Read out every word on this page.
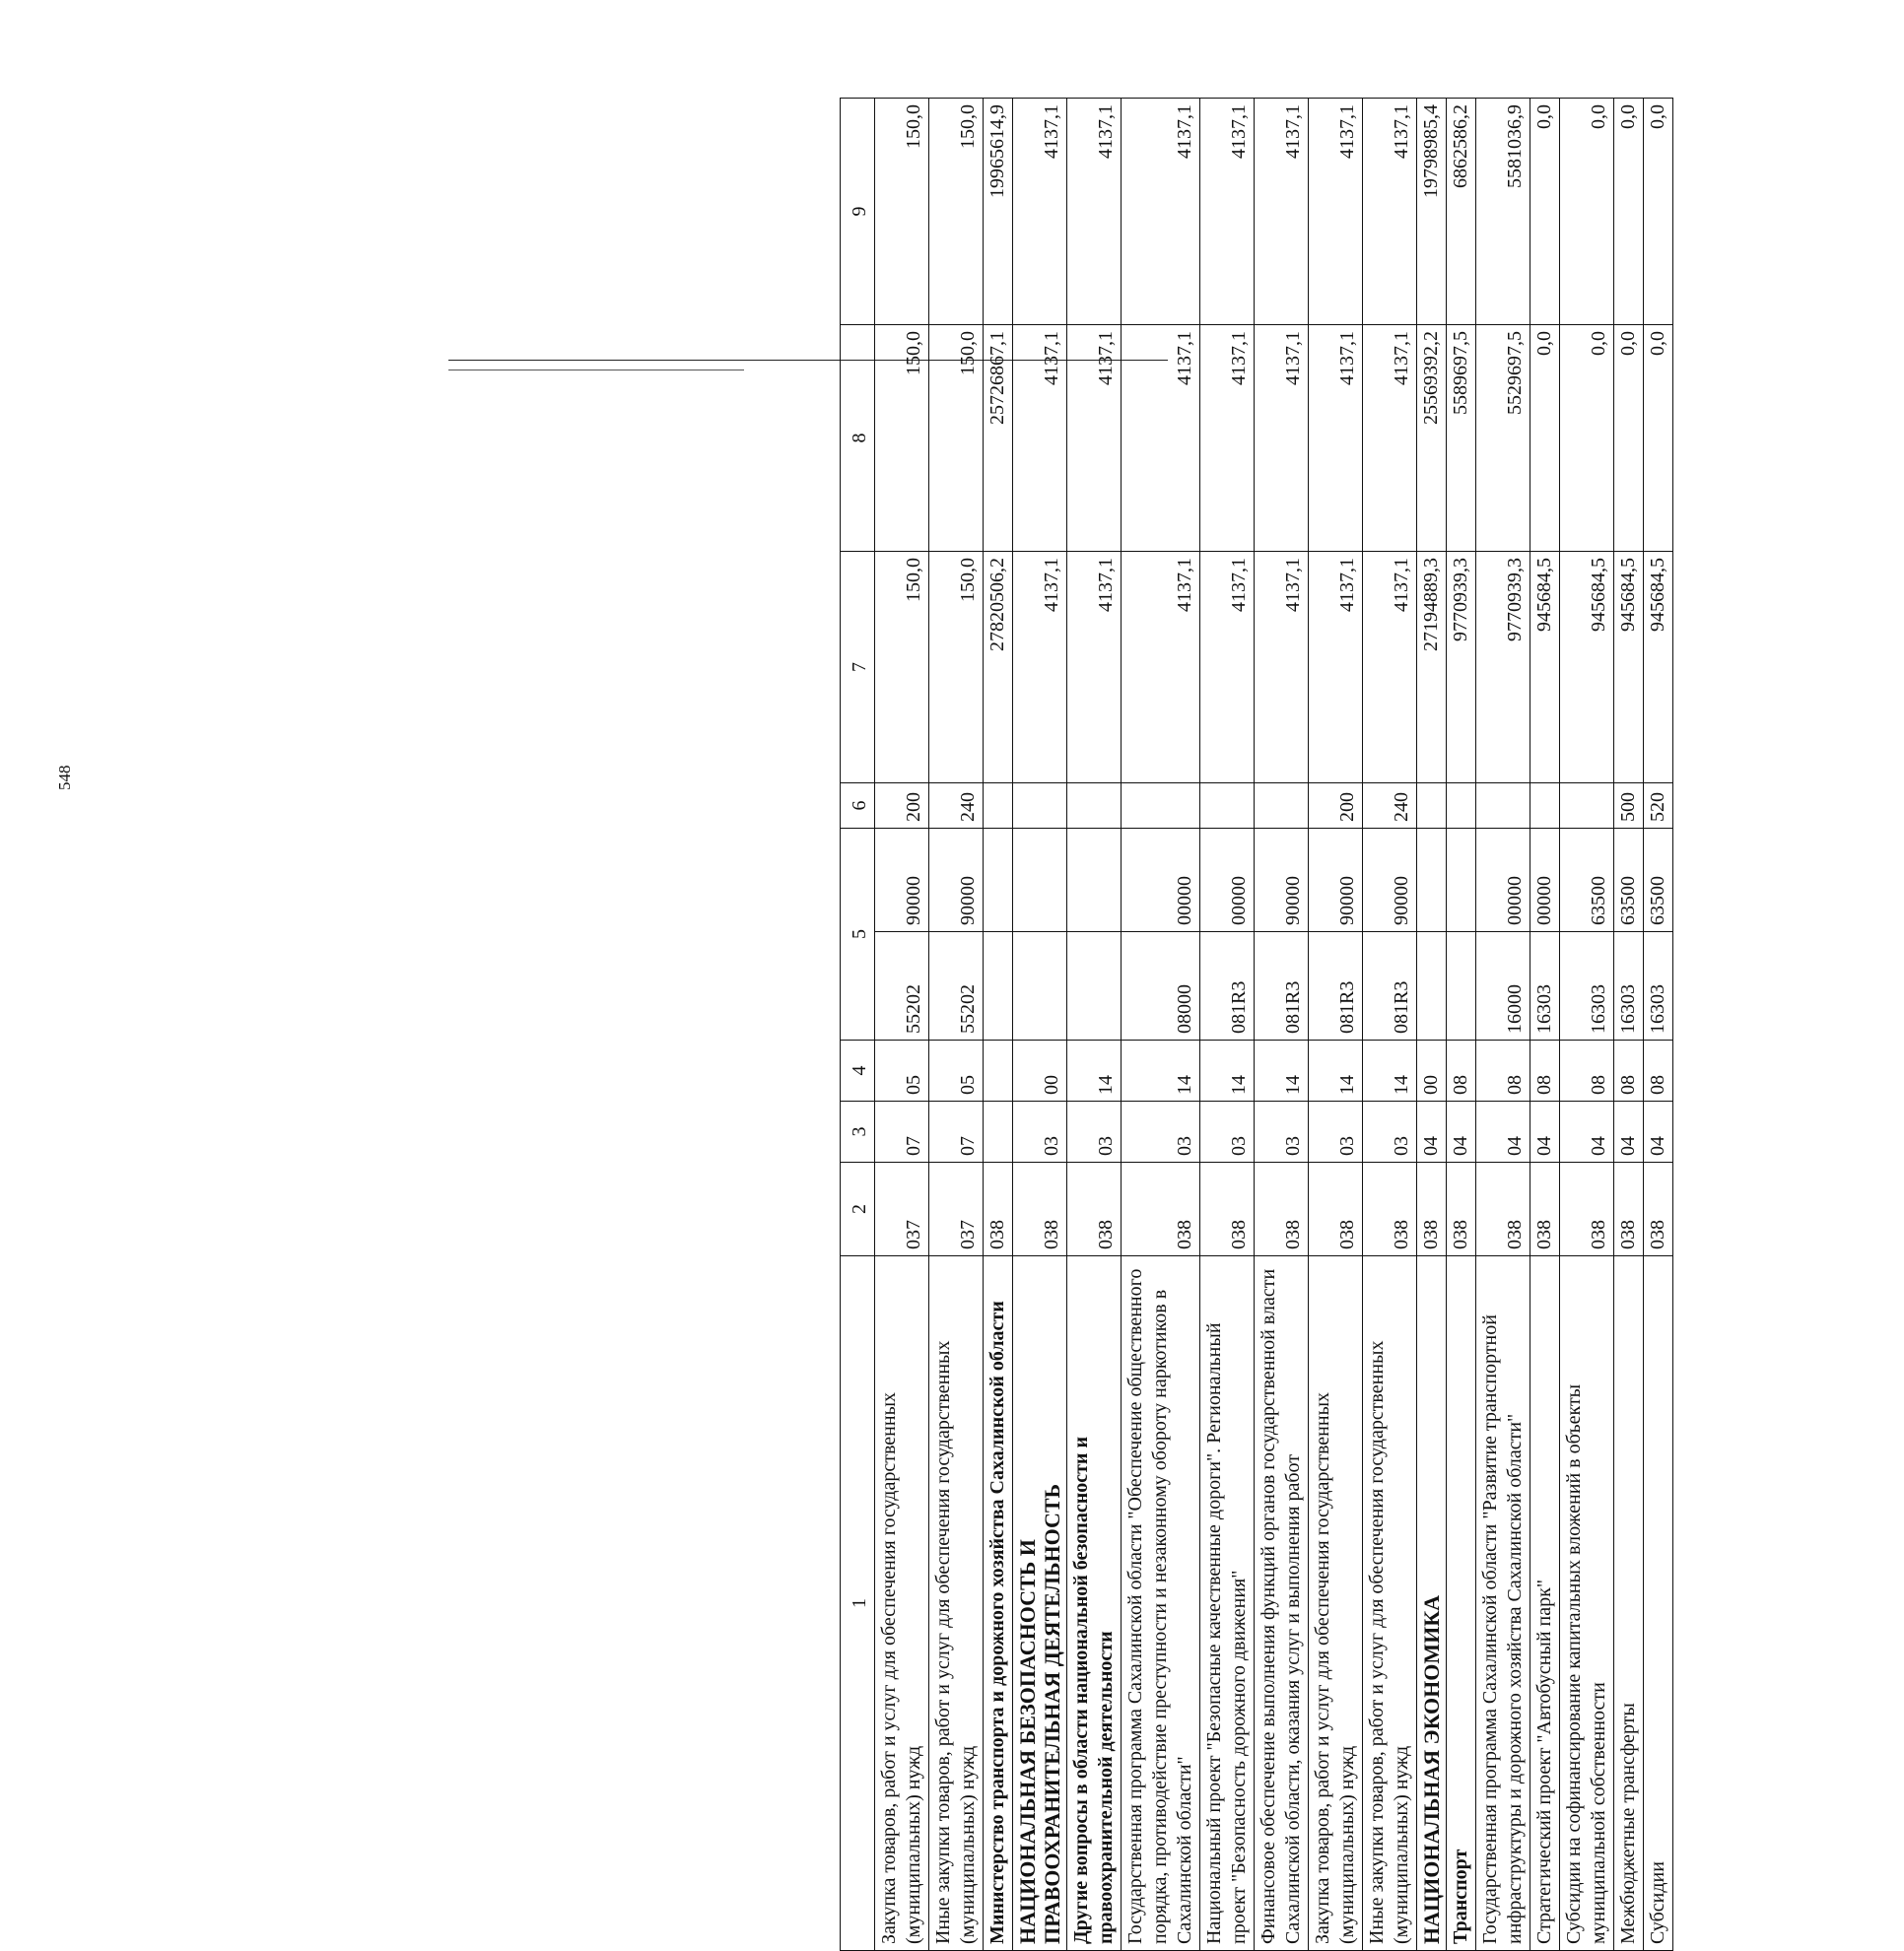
548
1	2	3	4	5		6	7	8	9
Закупка товаров, работ и услуг для обеспечения государственных (муниципальных) нужд	037	07	05	55202	90000	200	150,0	150,0	150,0
Иные закупки товаров, работ и услуг для обеспечения государственных (муниципальных) нужд	037	07	05	55202	90000	240	150,0	150,0	150,0
Министерство транспорта и дорожного хозяйства Сахалинской области	038						27820506,2	25726867,1	19965614,9
НАЦИОНАЛЬНАЯ БЕЗОПАСНОСТЬ И ПРАВООХРАНИТЕЛЬНАЯ ДЕЯТЕЛЬНОСТЬ	038	03	00				4137,1	4137,1	4137,1
Другие вопросы в области национальной безопасности и правоохранительной деятельности	038	03	14				4137,1	4137,1	4137,1
Государственная программа Сахалинской области "Обеспечение общественного порядка, противодействие преступности и незаконному обороту наркотиков в Сахалинской области"	038	03	14	08000	00000		4137,1	4137,1	4137,1
Национальный проект "Безопасные качественные дороги". Региональный проект "Безопасность дорожного движения"	038	03	14	081R3	00000		4137,1	4137,1	4137,1
Финансовое обеспечение выполнения функций органов государственной власти Сахалинской области, оказания услуг и выполнения работ	038	03	14	081R3	90000		4137,1	4137,1	4137,1
Закупка товаров, работ и услуг для обеспечения государственных (муниципальных) нужд	038	03	14	081R3	90000	200	4137,1	4137,1	4137,1
Иные закупки товаров, работ и услуг для обеспечения государственных (муниципальных) нужд	038	03	14	081R3	90000	240	4137,1	4137,1	4137,1
НАЦИОНАЛЬНАЯ ЭКОНОМИКА	038	04	00				27194889,3	25569392,2	19798985,4
Транспорт	038	04	08				9770939,3	5589697,5	6862586,2
Государственная программа Сахалинской области "Развитие транспортной инфраструктуры и дорожного хозяйства Сахалинской области"	038	04	08	16000	00000		9770939,3	5529697,5	5581036,9
Стратегический проект "Автобусный парк"	038	04	08	16303	00000		945684,5	0,0	0,0
Субсидии на софинансирование капитальных вложений в объекты муниципальной собственности	038	04	08	16303	63500		945684,5	0,0	0,0
Межбюджетные трансферты	038	04	08	16303	63500	500	945684,5	0,0	0,0
Субсидии	038	04	08	16303	63500	520	945684,5	0,0	0,0
